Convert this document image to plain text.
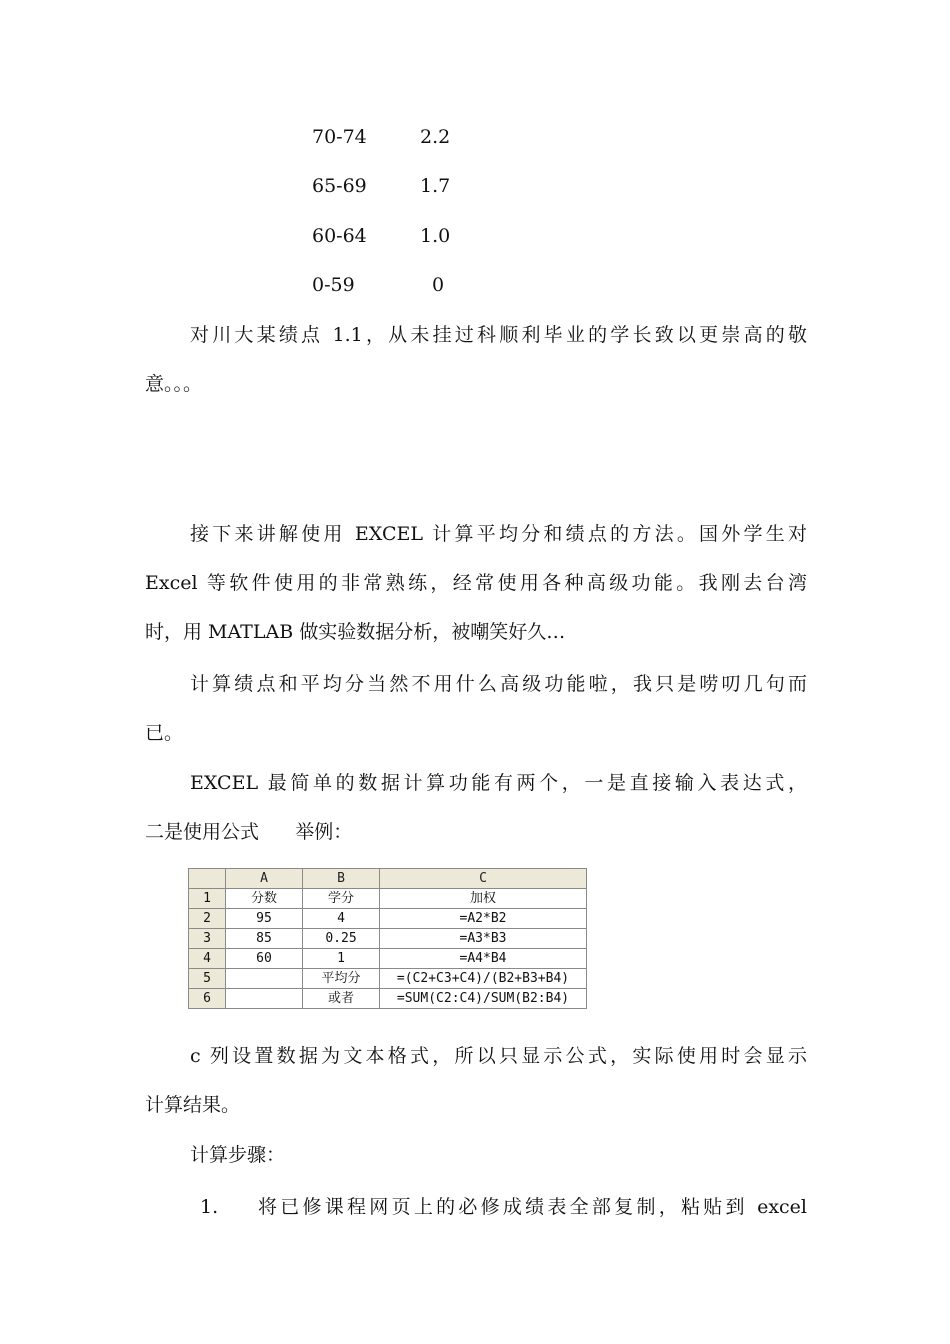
70-74	2.2
65-69	1.7
60-64	1.0
0-59	0
对川大某绩点 1.1，从未挂过科顺利毕业的学长致以更崇高的敬
意。。。
接下来讲解使用 EXCEL 计算平均分和绩点的方法。国外学生对
Excel 等软件使用的非常熟练，经常使用各种高级功能。我刚去台湾
时，用 MATLAB 做实验数据分析，被嘲笑好久…
计算绩点和平均分当然不用什么高级功能啦，我只是唠叨几句而
已。
EXCEL 最简单的数据计算功能有两个，一是直接输入表达式，
二是使用公式      举例：
	A	B	C
1	分数	学分	加权
2	95	4	=A2*B2
3	85	0.25	=A3*B3
4	60	1	=A4*B4
5		平均分	=(C2+C3+C4)/(B2+B3+B4)
6		或者	=SUM(C2:C4)/SUM(B2:B4)
c 列设置数据为文本格式，所以只显示公式，实际使用时会显示
计算结果。
计算步骤：
1. 将已修课程网页上的必修成绩表全部复制，粘贴到 excel
